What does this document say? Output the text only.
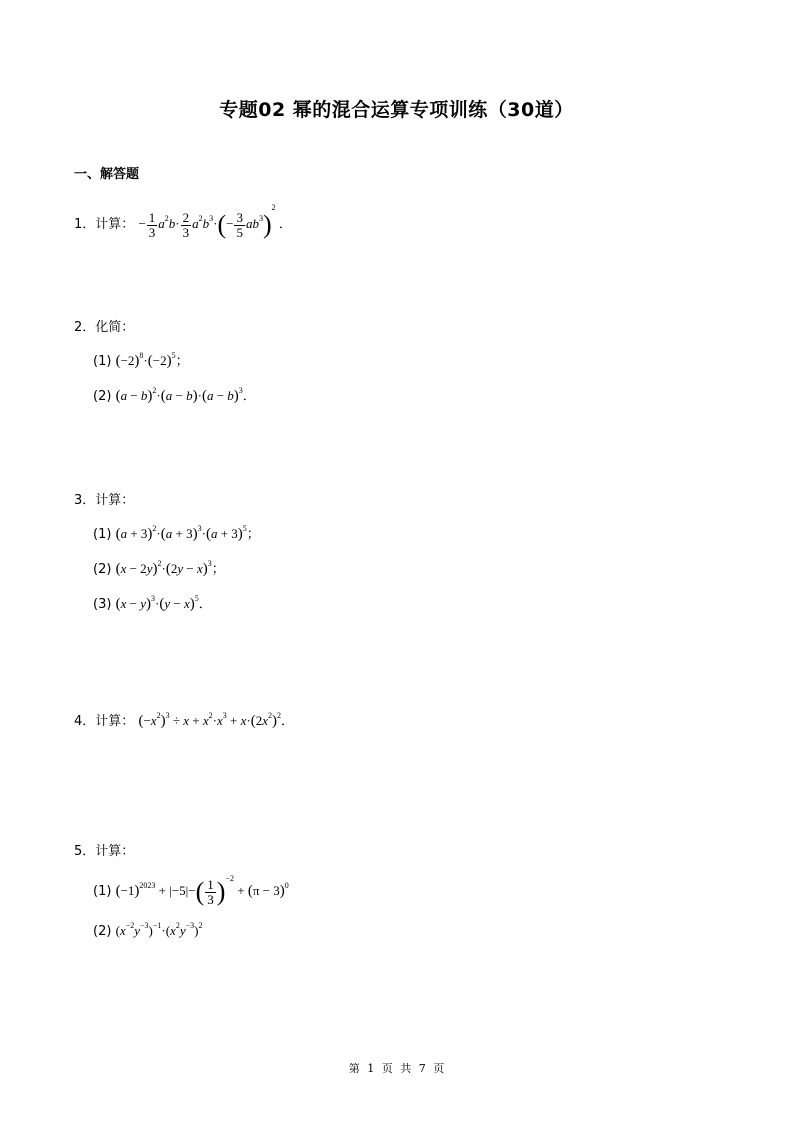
专题02 幂的混合运算专项训练（30道）
一、解答题
1．计算： − $\frac{1}{3} a^2b\cdot \frac{2}{3} a^2b^3\cdot(- \frac{3}{5} ab^3)^2$ ．
2．化简：
(1) $(-2)^8\cdot(-2)^5$；
(2) $(a - b)^2\cdot(a - b)\cdot(a - b)^3$．
3．计算：
(1) $(a + 3)^2\cdot(a + 3)^3\cdot(a + 3)^5$；
(2) $(x - 2y)^2\cdot(2y - x)^3$；
(3) $(x - y)^3\cdot(y - x)^5$．
4．计算： $(-x^2)^3 \div x + x^2\cdot x^3 + x\cdot(2x^2)^2$．
5．计算：
(1) $(-1)^{2023} + |-5|-( \frac{1}{3} )^{-2} + (\pi - 3)^0$
(2) $(x^{-2}y^{-3})^{-1}\cdot(x^2y^{-3})^2$
第 1 页 共 7 页
